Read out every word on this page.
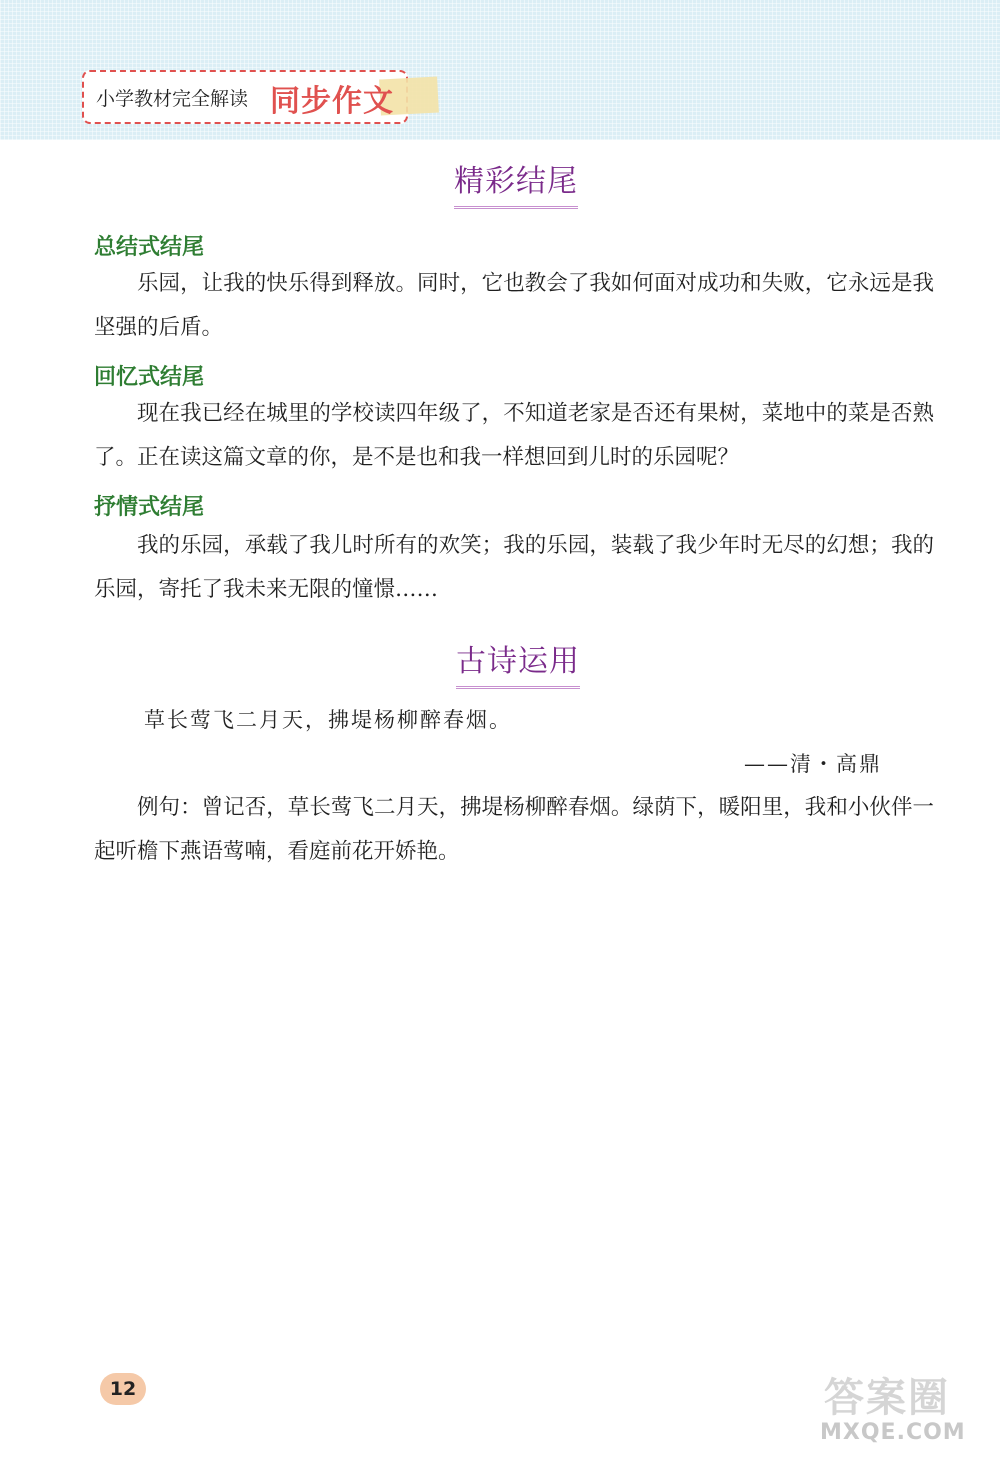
小学教材完全解读 同步作文
精彩结尾
总结式结尾
乐园，让我的快乐得到释放。同时，它也教会了我如何面对成功和失败，它永远是我坚强的后盾。
回忆式结尾
现在我已经在城里的学校读四年级了，不知道老家是否还有果树，菜地中的菜是否熟了。正在读这篇文章的你，是不是也和我一样想回到儿时的乐园呢？
抒情式结尾
我的乐园，承载了我儿时所有的欢笑；我的乐园，装载了我少年时无尽的幻想；我的乐园，寄托了我未来无限的憧憬……
古诗运用
草长莺飞二月天，拂堤杨柳醉春烟。
——清・高鼎
例句：曾记否，草长莺飞二月天，拂堤杨柳醉春烟。绿荫下，暖阳里，我和小伙伴一起听檐下燕语莺喃，看庭前花开娇艳。
12	答案圈
MXQE.COM
